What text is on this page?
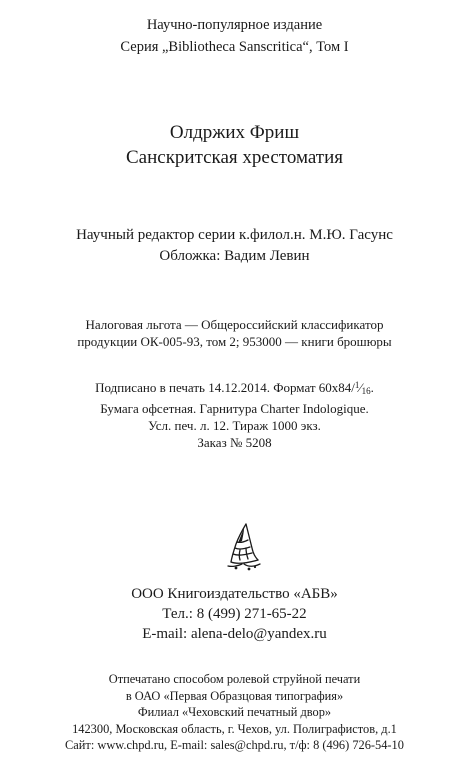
Научно-популярное издание
Серия „Bibliotheca Sanscritica“, Том I
Олдржих Фриш
Санскритская хрестоматия
Научный редактор серии к.филол.н. М.Ю. Гасунс
Обложка: Вадим Левин
Налоговая льгота — Общероссийский классификатор
продукции ОК-005-93, том 2; 953000 — книги брошюры
Подписано в печать 14.12.2014. Формат 60x84/$^1$⁄16.
Бумага офсетная. Гарнитура Charter Indologique.
Усл. печ. л. 12. Тираж 1000 экз.
Заказ № 5208
ООО Книгоиздательство «АБВ»
Тел.: 8 (499) 271-65-22
E-mail: alena-delo@yandex.ru
Отпечатано способом ролевой струйной печати
в ОАО «Первая Образцовая типография»
Филиал «Чеховский печатный двор»
142300, Московская область, г. Чехов, ул. Полиграфистов, д.1
Сайт: www.chpd.ru, E-mail: sales@chpd.ru, т/ф: 8 (496) 726-54-10
